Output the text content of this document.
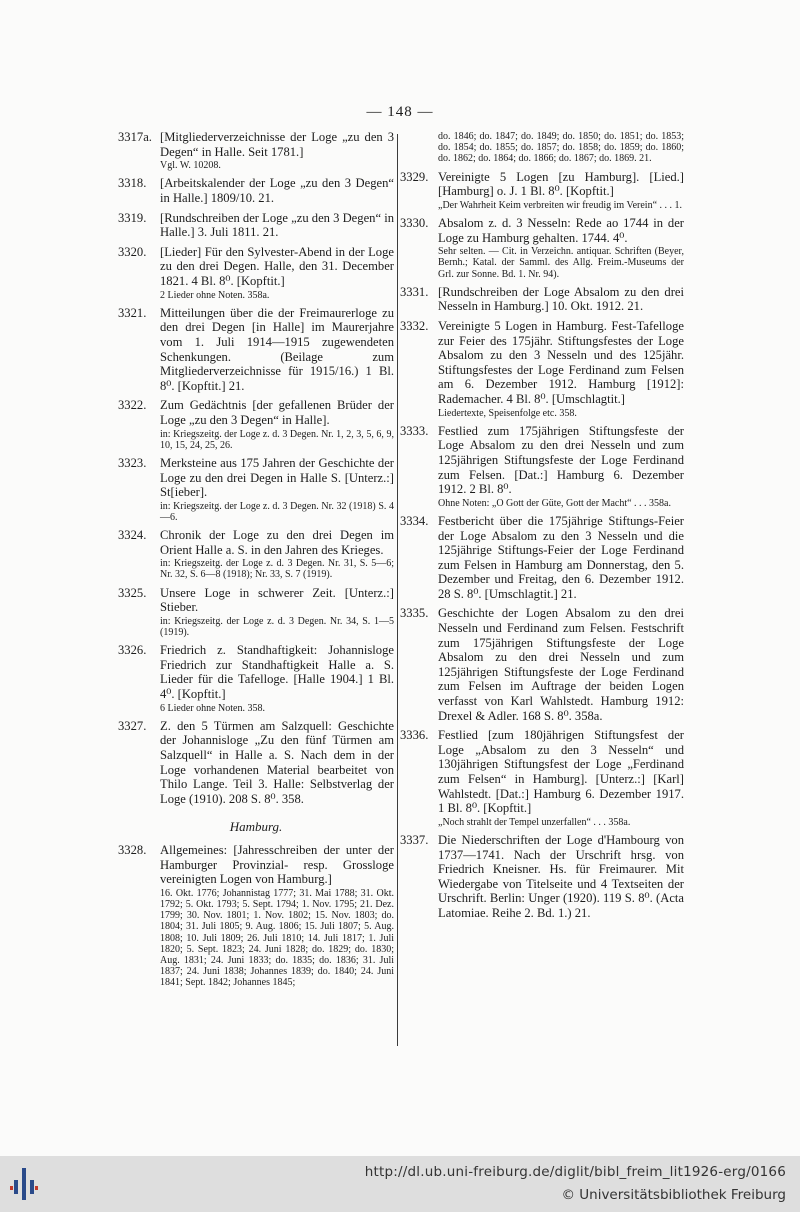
— 148 —
3317a. [Mitgliederverzeichnisse der Loge „zu den 3 Degen“ in Halle. Seit 1781.]
Vgl. W. 10208.
3318.	[Arbeitskalender der Loge „zu den 3 Degen“ in Halle.] 1809/10. 21.
3319.	[Rundschreiben der Loge „zu den 3 Degen“ in Halle.] 3. Juli 1811. 21.
3320.	[Lieder] Für den Sylvester-Abend in der Loge zu den drei Degen. Halle, den 31. December 1821. 4 Bl. 8⁰. [Kopftit.]
2 Lieder ohne Noten. 358a.
3321.	Mitteilungen über die der Freimaurerloge zu den drei Degen [in Halle] im Maurerjahre vom 1. Juli 1914—1915 zugewendeten Schenkungen. (Beilage zum Mitgliederverzeichnisse für 1915/16.) 1 Bl. 8⁰. [Kopftit.] 21.
3322.	Zum Gedächtnis [der gefallenen Brüder der Loge „zu den 3 Degen“ in Halle].
in: Kriegszeitg. der Loge z. d. 3 Degen. Nr. 1, 2, 3, 5, 6, 9, 10, 15, 24, 25, 26.
3323.	Merksteine aus 175 Jahren der Geschichte der Loge zu den drei Degen in Halle S. [Unterz.:] St[ieber].
in: Kriegszeitg. der Loge z. d. 3 Degen. Nr. 32 (1918) S. 4—6.
3324.	Chronik der Loge zu den drei Degen im Orient Halle a. S. in den Jahren des Krieges.
in: Kriegszeitg. der Loge z. d. 3 Degen. Nr. 31, S. 5—6; Nr. 32, S. 6—8 (1918); Nr. 33, S. 7 (1919).
3325.	Unsere Loge in schwerer Zeit. [Unterz.:] Stieber.
in: Kriegszeitg. der Loge z. d. 3 Degen. Nr. 34, S. 1—5 (1919).
3326.	Friedrich z. Standhaftigkeit: Johannisloge Friedrich zur Standhaftigkeit Halle a. S. Lieder für die Tafelloge. [Halle 1904.] 1 Bl. 4⁰. [Kopftit.]
6 Lieder ohne Noten. 358.
3327.	Z. den 5 Türmen am Salzquell: Geschichte der Johannisloge „Zu den fünf Türmen am Salzquell“ in Halle a. S. Nach dem in der Loge vorhandenen Material bearbeitet von Thilo Lange. Teil 3. Halle: Selbstverlag der Loge (1910). 208 S. 8⁰. 358.
Hamburg.
3328.	Allgemeines: [Jahresschreiben der unter der Hamburger Provinzial- resp. Grossloge vereinigten Logen von Hamburg.]
16. Okt. 1776; Johannistag 1777; 31. Mai 1788; 31. Okt. 1792; 5. Okt. 1793; 5. Sept. 1794; 1. Nov. 1795; 21. Dez. 1799; 30. Nov. 1801; 1. Nov. 1802; 15. Nov. 1803; do. 1804; 31. Juli 1805; 9. Aug. 1806; 15. Juli 1807; 5. Aug. 1808; 10. Juli 1809; 26. Juli 1810; 14. Juli 1817; 1. Juli 1820; 5. Sept. 1823; 24. Juni 1828; do. 1829; do. 1830; Aug. 1831; 24. Juni 1833; do. 1835; do. 1836; 31. Juli 1837; 24. Juni 1838; Johannes 1839; do. 1840; 24. Juni 1841; Sept. 1842; Johannes 1845;
do. 1846; do. 1847; do. 1849; do. 1850; do. 1851; do. 1853; do. 1854; do. 1855; do. 1857; do. 1858; do. 1859; do. 1860; do. 1862; do. 1864; do. 1866; do. 1867; do. 1869. 21.
3329. Vereinigte 5 Logen [zu Hamburg]. [Lied.] [Hamburg] o. J. 1 Bl. 8⁰. [Kopftit.]
„Der Wahrheit Keim verbreiten wir freudig im Verein“ . . . 1.
3330. Absalom z. d. 3 Nesseln: Rede ao 1744 in der Loge zu Hamburg gehalten. 1744. 4⁰.
Sehr selten. — Cit. in Verzeichn. antiquar. Schriften (Beyer, Bernh.; Katal. der Samml. des Allg. Freim.-Museums der Grl. zur Sonne. Bd. 1. Nr. 94).
3331. [Rundschreiben der Loge Absalom zu den drei Nesseln in Hamburg.] 10. Okt. 1912. 21.
3332. Vereinigte 5 Logen in Hamburg. Fest-Tafelloge zur Feier des 175jähr. Stiftungsfestes der Loge Absalom zu den 3 Nesseln und des 125jähr. Stiftungsfestes der Loge Ferdinand zum Felsen am 6. Dezember 1912. Hamburg [1912]: Rademacher. 4 Bl. 8⁰. [Umschlagtit.]
Liedertexte, Speisenfolge etc. 358.
3333. Festlied zum 175jährigen Stiftungsfeste der Loge Absalom zu den drei Nesseln und zum 125jährigen Stiftungsfeste der Loge Ferdinand zum Felsen. [Dat.:] Hamburg 6. Dezember 1912. 2 Bl. 8⁰.
Ohne Noten: „O Gott der Güte, Gott der Macht“ . . . 358a.
3334. Festbericht über die 175jährige Stiftungs-Feier der Loge Absalom zu den 3 Nesseln und die 125jährige Stiftungs-Feier der Loge Ferdinand zum Felsen in Hamburg am Donnerstag, den 5. Dezember und Freitag, den 6. Dezember 1912. 28 S. 8⁰. [Umschlagtit.] 21.
3335. Geschichte der Logen Absalom zu den drei Nesseln und Ferdinand zum Felsen. Festschrift zum 175jährigen Stiftungsfeste der Loge Absalom zu den drei Nesseln und zum 125jährigen Stiftungsfeste der Loge Ferdinand zum Felsen im Auftrage der beiden Logen verfasst von Karl Wahlstedt. Hamburg 1912: Drexel & Adler. 168 S. 8⁰. 358a.
3336. Festlied [zum 180jährigen Stiftungsfest der Loge „Absalom zu den 3 Nesseln“ und 130jährigen Stiftungsfest der Loge „Ferdinand zum Felsen“ in Hamburg]. [Unterz.:] [Karl] Wahlstedt. [Dat.:] Hamburg 6. Dezember 1917. 1 Bl. 8⁰. [Kopftit.]
„Noch strahlt der Tempel unzerfallen“ . . . 358a.
3337. Die Niederschriften der Loge d'Hambourg von 1737—1741. Nach der Urschrift hrsg. von Friedrich Kneisner. Hs. für Freimaurer. Mit Wiedergabe von Titelseite und 4 Textseiten der Urschrift. Berlin: Unger (1920). 119 S. 8⁰. (Acta Latomiae. Reihe 2. Bd. 1.) 21.
http://dl.ub.uni-freiburg.de/diglit/bibl_freim_lit1926-erg/0166
© Universitätsbibliothek Freiburg
